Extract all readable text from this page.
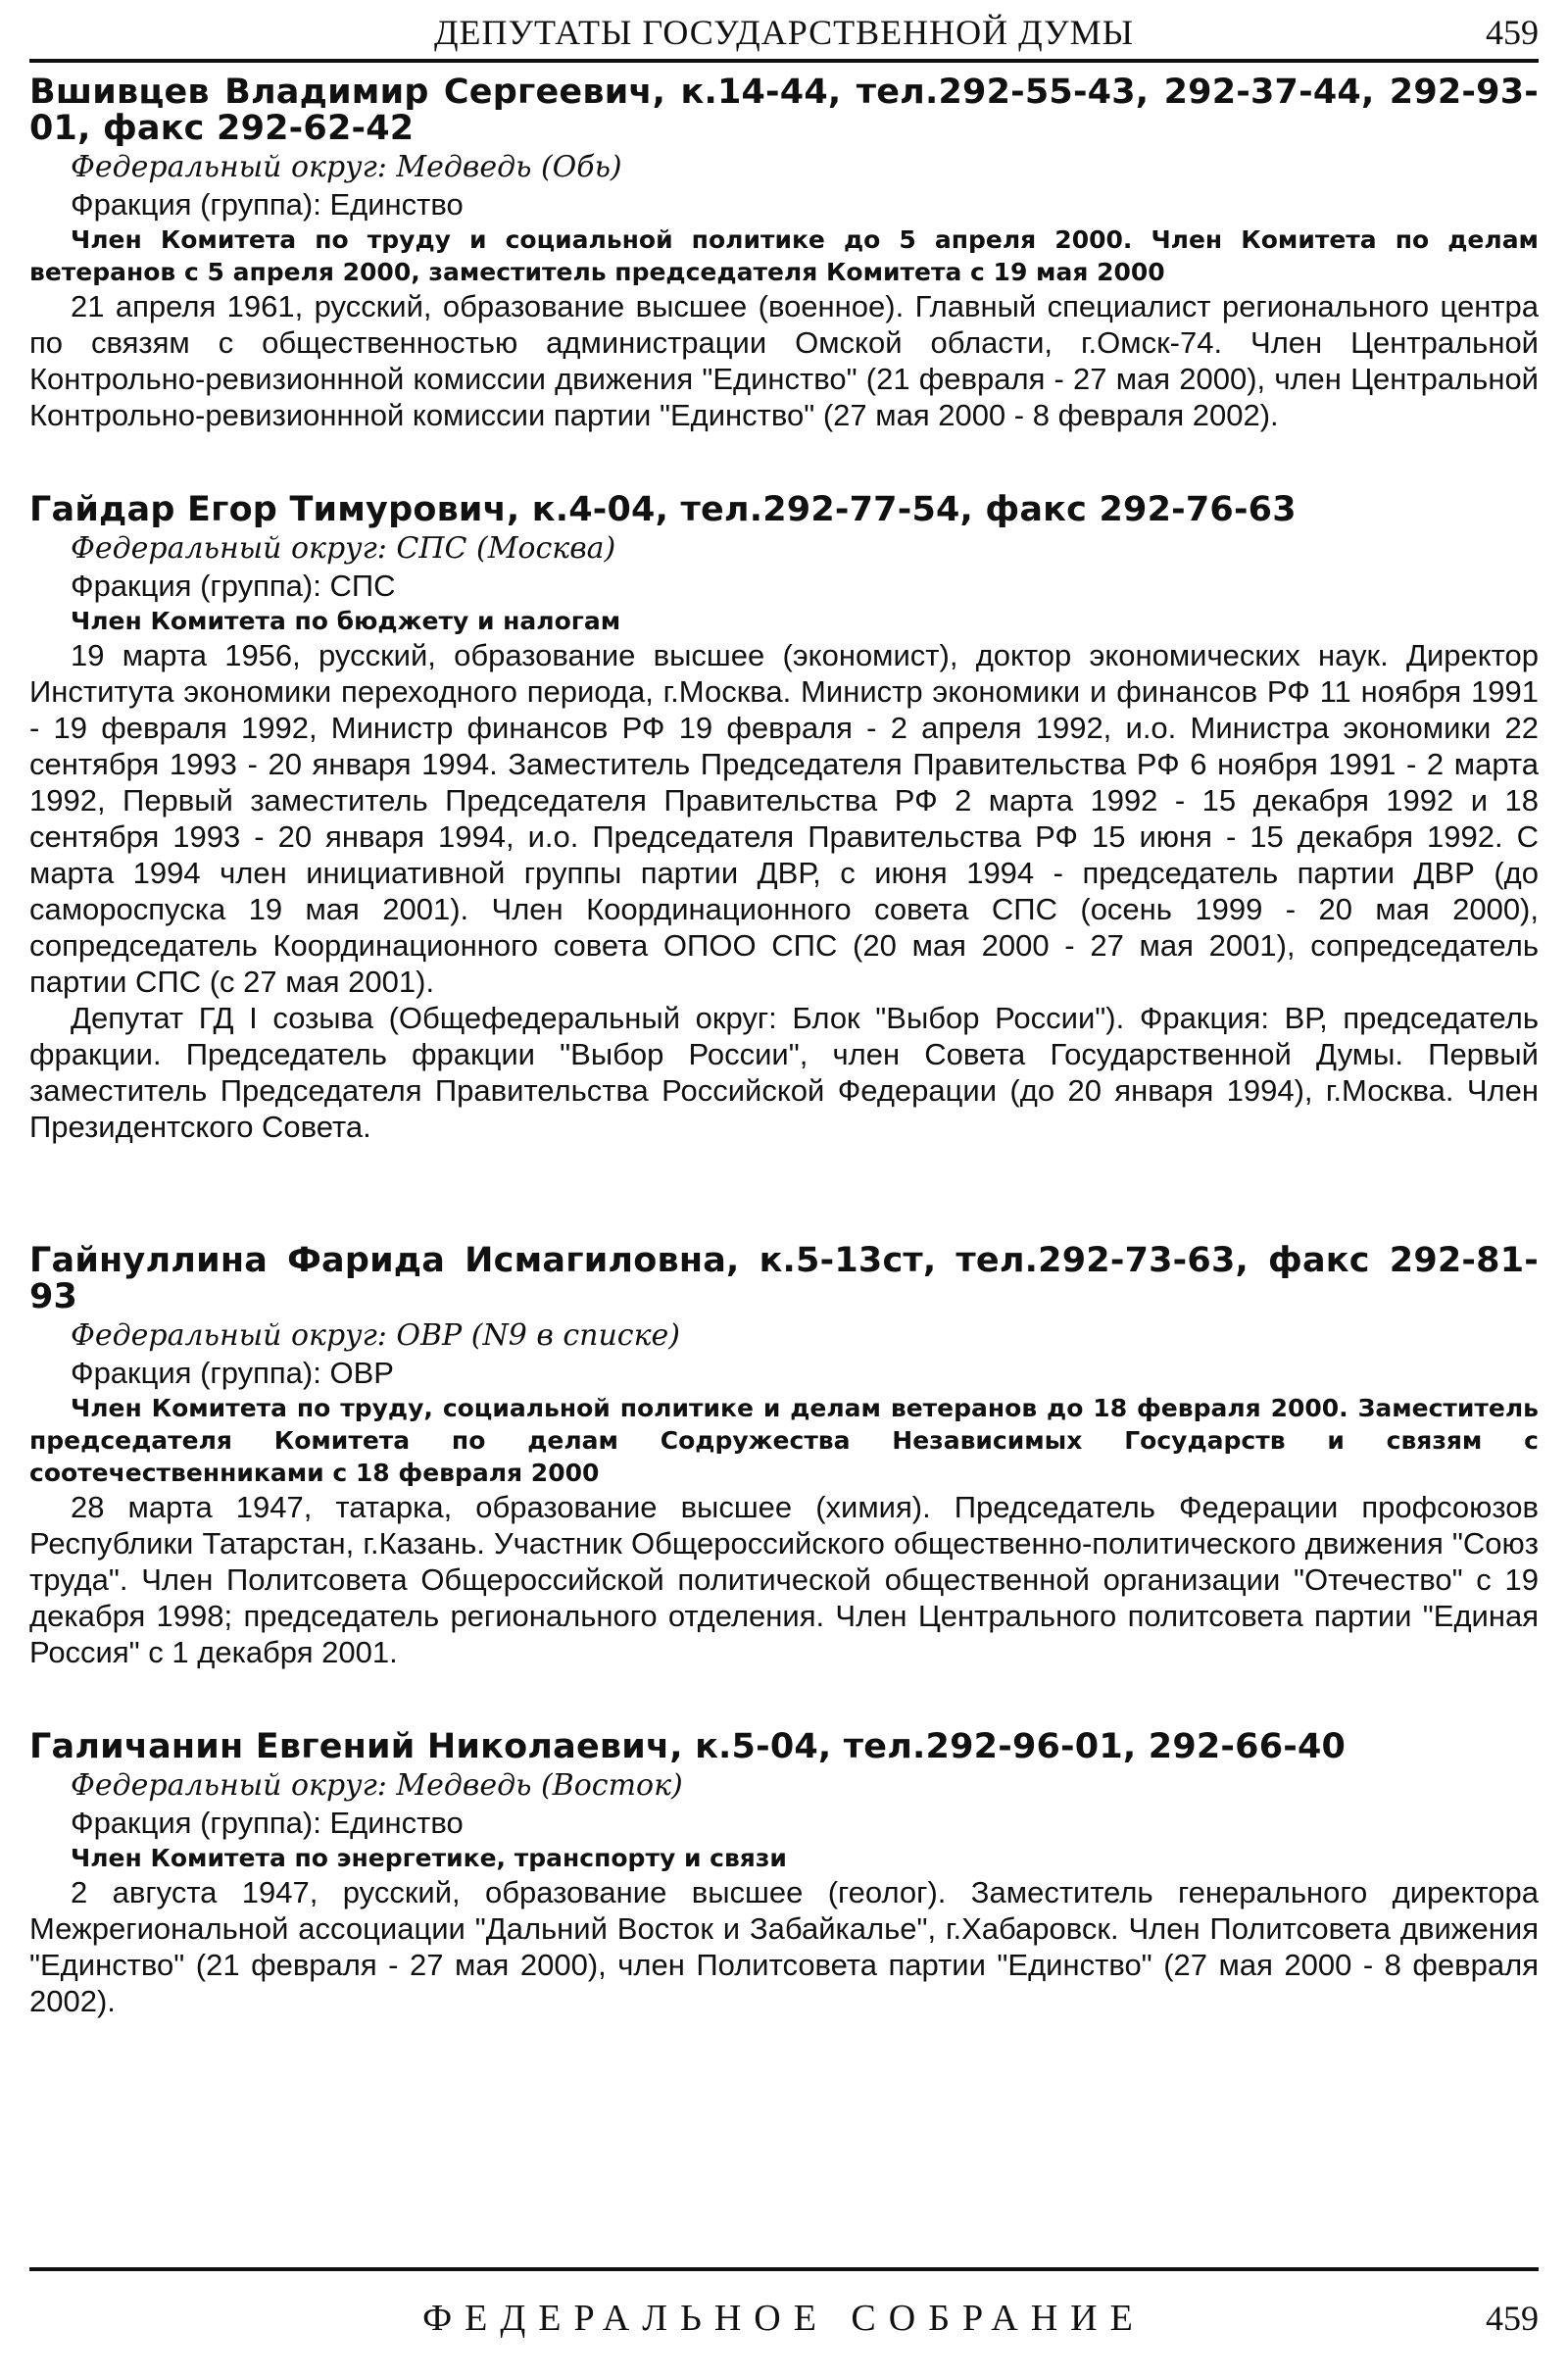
ДЕПУТАТЫ ГОСУДАРСТВЕННОЙ ДУМЫ	459

Вшивцев Владимир Сергеевич, к.14-44, тел.292-55-43, 292-37-44, 292-93-01, факс 292-62-42

Федеральный округ: Медведь (Обь)

Фракция (группа): Единство

Член Комитета по труду и социальной политике до 5 апреля 2000. Член Комитета по делам ветеранов с 5 апреля 2000, заместитель председателя Комитета с 19 мая 2000

21 апреля 1961, русский, образование высшее (военное). Главный специалист регионального центра по связям с общественностью администрации Омской области, г.Омск-74. Член Центральной Контрольно-ревизионнной комиссии движения "Единство" (21 февраля - 27 мая 2000), член Центральной Контрольно-ревизионнной комиссии партии "Единство" (27 мая 2000 - 8 февраля 2002).

Гайдар Егор Тимурович, к.4-04, тел.292-77-54, факс 292-76-63

Федеральный округ: СПС (Москва)

Фракция (группа): СПС

Член Комитета по бюджету и налогам

19 марта 1956, русский, образование высшее (экономист), доктор экономических наук. Директор Института экономики переходного периода, г.Москва. Министр экономики и финансов РФ 11 ноября 1991 - 19 февраля 1992, Министр финансов РФ 19 февраля - 2 апреля 1992, и.о. Министра экономики 22 сентября 1993 - 20 января 1994. Заместитель Председателя Правительства РФ 6 ноября 1991 - 2 марта 1992, Первый заместитель Председателя Правительства РФ 2 марта 1992 - 15 декабря 1992 и 18 сентября 1993 - 20 января 1994, и.о. Председателя Правительства РФ 15 июня - 15 декабря 1992. С марта 1994 член инициативной группы партии ДВР, с июня 1994 - председатель партии ДВР (до самороспуска 19 мая 2001). Член Координационного совета СПС (осень 1999 - 20 мая 2000), сопредседатель Координационного совета ОПОО СПС (20 мая 2000 - 27 мая 2001), сопредседатель партии СПС (с 27 мая 2001).

Депутат ГД I созыва (Общефедеральный округ: Блок "Выбор России"). Фракция: ВР, председатель фракции. Председатель фракции "Выбор России", член Совета Государственной Думы. Первый заместитель Председателя Правительства Российской Федерации (до 20 января 1994), г.Москва. Член Президентского Совета.

Гайнуллина Фарида Исмагиловна, к.5-13ст, тел.292-73-63, факс 292-81-93

Федеральный округ: ОВР (N9 в списке)

Фракция (группа): ОВР

Член Комитета по труду, социальной политике и делам ветеранов до 18 февраля 2000. Заместитель председателя Комитета по делам Содружества Независимых Государств и связям с соотечественниками с 18 февраля 2000

28 марта 1947, татарка, образование высшее (химия). Председатель Федерации профсоюзов Республики Татарстан, г.Казань. Участник Общероссийского общественно-политического движения "Союз труда". Член Политсовета Общероссийской политической общественной организации "Отечество" с 19 декабря 1998; председатель регионального отделения. Член Центрального политсовета партии "Единая Россия" с 1 декабря 2001.

Галичанин Евгений Николаевич, к.5-04, тел.292-96-01, 292-66-40

Федеральный округ: Медведь (Восток)

Фракция (группа): Единство

Член Комитета по энергетике, транспорту и связи

2 августа 1947, русский, образование высшее (геолог). Заместитель генерального директора Межрегиональной ассоциации "Дальний Восток и Забайкалье", г.Хабаровск. Член Политсовета движения "Единство" (21 февраля - 27 мая 2000), член Политсовета партии "Единство" (27 мая 2000 - 8 февраля 2002).

ФЕДЕРАЛЬНОЕ СОБРАНИЕ	459
